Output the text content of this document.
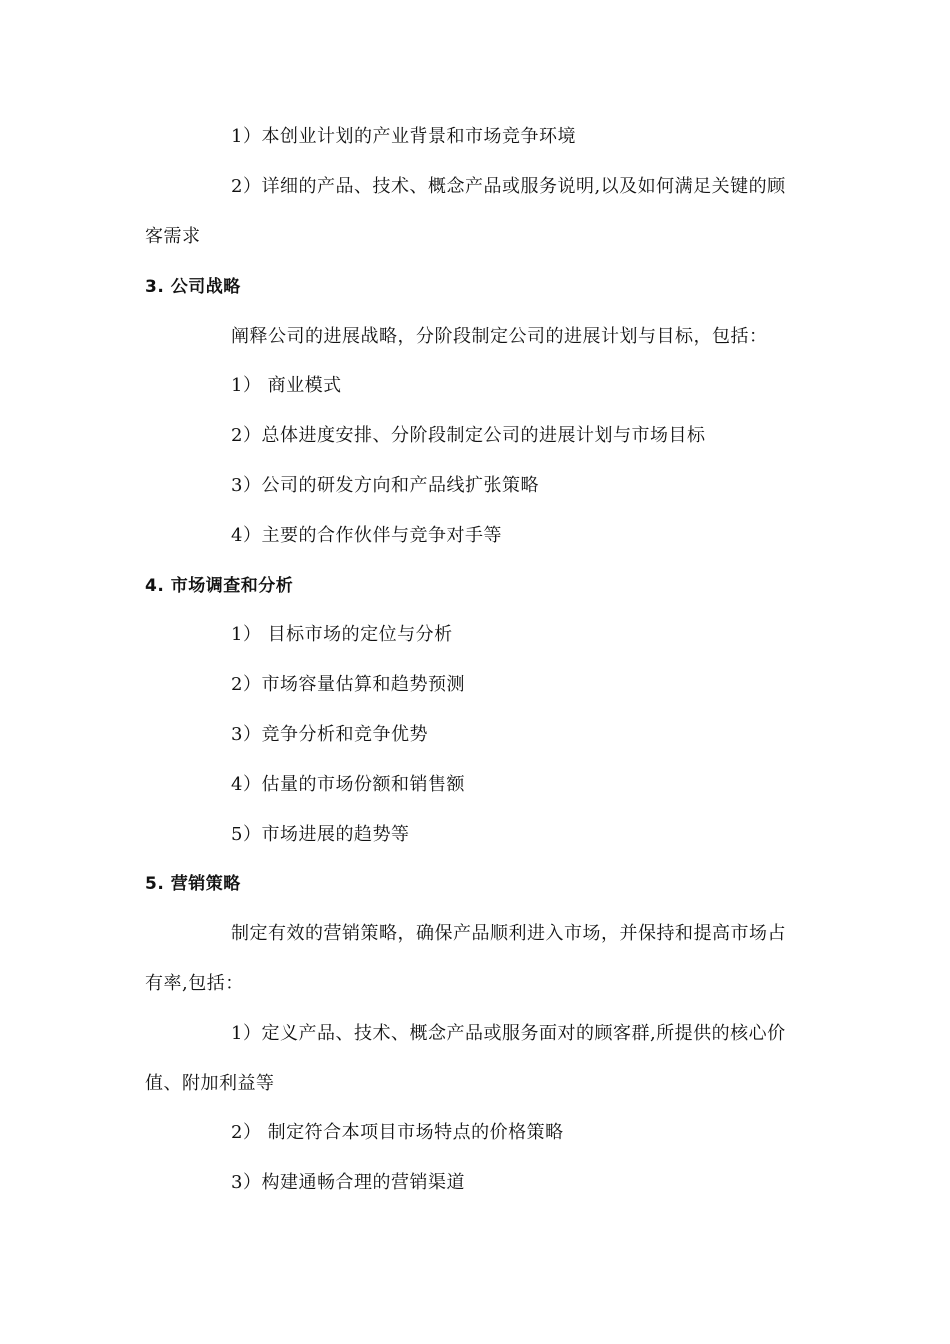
1）本创业计划的产业背景和市场竞争环境
2）详细的产品、技术、概念产品或服务说明,以及如何满足关键的顾
客需求
3. 公司战略
阐释公司的进展战略，分阶段制定公司的进展计划与目标，包括：
1） 商业模式
2）总体进度安排、分阶段制定公司的进展计划与市场目标
3）公司的研发方向和产品线扩张策略
4）主要的合作伙伴与竞争对手等
4. 市场调查和分析
1） 目标市场的定位与分析
2）市场容量估算和趋势预测
3）竞争分析和竞争优势
4）估量的市场份额和销售额
5）市场进展的趋势等
5. 营销策略
制定有效的营销策略，确保产品顺利进入市场，并保持和提高市场占
有率,包括：
1）定义产品、技术、概念产品或服务面对的顾客群,所提供的核心价
值、附加利益等
2） 制定符合本项目市场特点的价格策略
3）构建通畅合理的营销渠道
